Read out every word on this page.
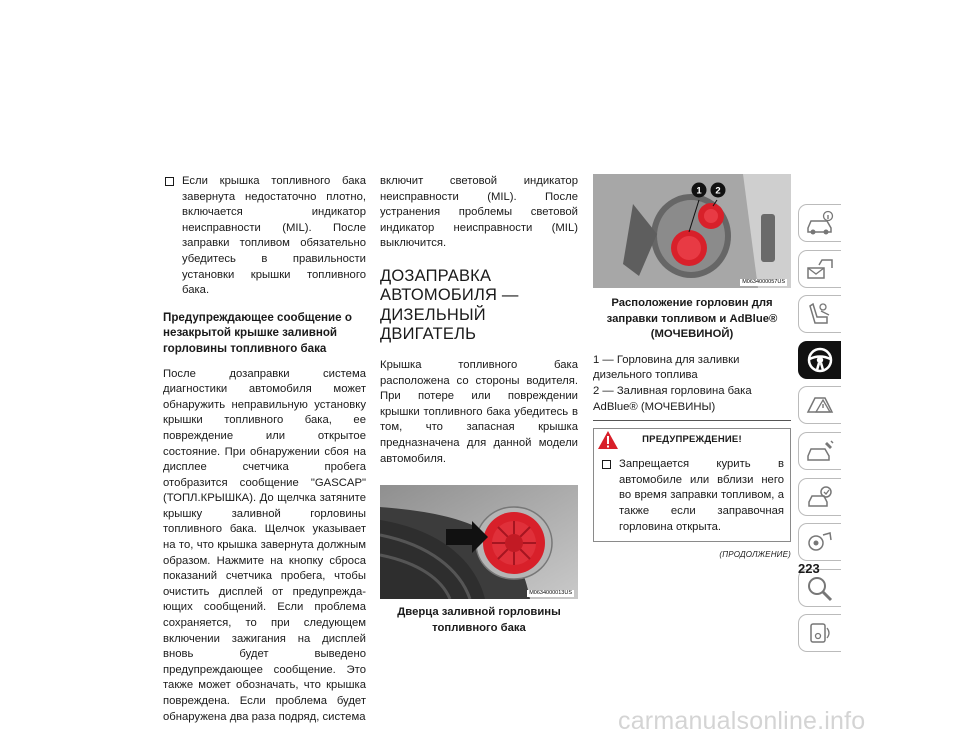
Если крышка топливного бака завернута недостаточно плотно, включается индикатор неисправности (MIL). После заправки топливом обязательно убедитесь в правильности установки крышки топливного бака.
Предупреждающее сообщение о незакрытой крышке заливной горловины топливного бака

После дозаправки система диагностики автомобиля может обнаружить неправильную установку крышки топливного бака, ее повреждение или открытое состояние. При обнаружении сбоя на дисплее счетчика пробега отобразится сообщение "GASCAP" (ТОПЛ.КРЫШКА). До щелчка затяните крышку заливной горловины топливного бака. Щелчок указывает на то, что крышка завернута должным образом. Нажмите на кнопку сброса показаний счетчика пробега, чтобы очистить дисплей от предупреждающих сообщений. Если проблема сохраняется, то при следующем включении зажигания на дисплей вновь будет выведено предупреждающее сообщение. Это также может обозначать, что крышка повреждена. Если проблема будет обнаружена два раза подряд, система

включит световой индикатор неисправности (MIL). После устранения проблемы световой индикатор неисправности (MIL) выключится.

ДОЗАПРАВКА
АВТОМОБИЛЯ —
ДИЗЕЛЬНЫЙ ДВИГАТЕЛЬ

Крышка топливного бака расположена со стороны водителя. При потере или повреждении крышки топливного бака убедитесь в том, что запасная крышка предназначена для данной модели автомобиля.

M0634000013US
Дверца заливной горловины топливного бака
1 2
M0634000057US
Расположение горловин для заправки топливом и AdBlue® (МОЧЕВИНОЙ)

1 — Горловина для заливки дизельного топлива

2 — Заливная горловина бака AdBlue® (МОЧЕВИНЫ)

ПРЕДУПРЕЖДЕНИЕ!
Запрещается курить в автомобиле или вблизи него во время заправки топливом, а также если заправочная горловина открыта.
(ПРОДОЛЖЕНИЕ)
223
carmanualsonline.info
